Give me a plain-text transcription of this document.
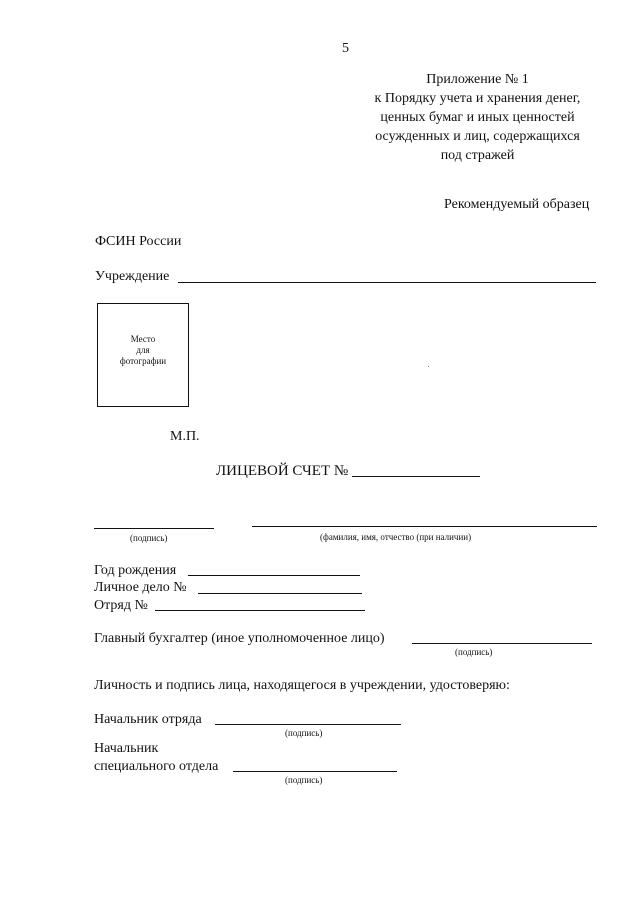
5
Приложение № 1
к Порядку учета и хранения денег,
ценных бумаг и иных ценностей
осужденных и лиц, содержащихся
под стражей
Рекомендуемый образец
ФСИН России
Учреждение
Место
для
фотографии
М.П.
ЛИЦЕВОЙ СЧЕТ №
(подпись)	(фамилия, имя, отчество (при наличии)
Год рождения
Личное дело №
Отряд №
Главный бухгалтер (иное уполномоченное лицо)
(подпись)
Личность и подпись лица, находящегося в учреждении, удостоверяю:
Начальник отряда
(подпись)
Начальник
специального отдела
(подпись)
